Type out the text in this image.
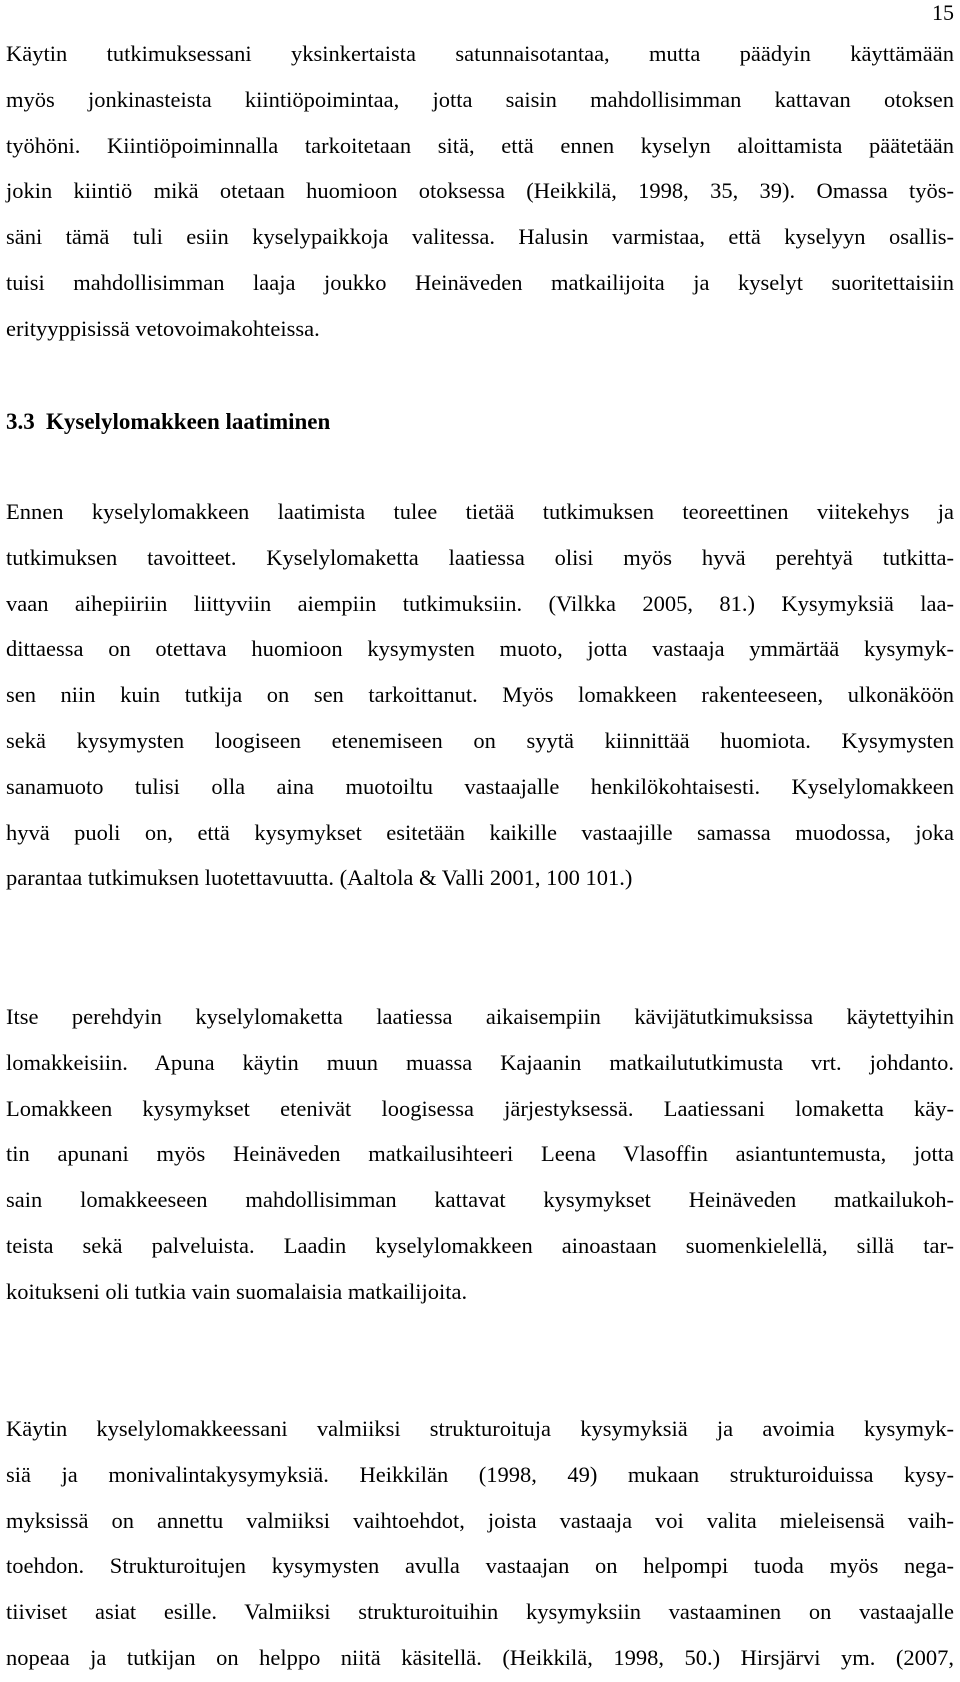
15
Käytin tutkimuksessani yksinkertaista satunnaisotantaa, mutta päädyin käyttämään
myös jonkinasteista kiintiöpoimintaa, jotta saisin mahdollisimman kattavan otoksen
työhöni. Kiintiöpoiminnalla tarkoitetaan sitä, että ennen kyselyn aloittamista päätetään
jokin kiintiö mikä otetaan huomioon otoksessa (Heikkilä, 1998, 35, 39). Omassa työs-
säni tämä tuli esiin kyselypaikkoja valitessa. Halusin varmistaa, että kyselyyn osallis-
tuisi mahdollisimman laaja joukko Heinäveden matkailijoita ja kyselyt suoritettaisiin
erityyppisissä vetovoimakohteissa.
3.3 Kyselylomakkeen laatiminen
Ennen kyselylomakkeen laatimista tulee tietää tutkimuksen teoreettinen viitekehys ja
tutkimuksen tavoitteet. Kyselylomaketta laatiessa olisi myös hyvä perehtyä tutkitta-
vaan aihepiiriin liittyviin aiempiin tutkimuksiin. (Vilkka 2005, 81.) Kysymyksiä laa-
dittaessa on otettava huomioon kysymysten muoto, jotta vastaaja ymmärtää kysymyk-
sen niin kuin tutkija on sen tarkoittanut. Myös lomakkeen rakenteeseen, ulkonäköön
sekä kysymysten loogiseen etenemiseen on syytä kiinnittää huomiota. Kysymysten
sanamuoto tulisi olla aina muotoiltu vastaajalle henkilökohtaisesti. Kyselylomakkeen
hyvä puoli on, että kysymykset esitetään kaikille vastaajille samassa muodossa, joka
parantaa tutkimuksen luotettavuutta. (Aaltola & Valli 2001, 100 101.)
Itse perehdyin kyselylomaketta laatiessa aikaisempiin kävijätutkimuksissa käytettyihin
lomakkeisiin. Apuna käytin muun muassa Kajaanin matkailututkimusta vrt. johdanto.
Lomakkeen kysymykset etenivät loogisessa järjestyksessä. Laatiessani lomaketta käy-
tin apunani myös Heinäveden matkailusihteeri Leena Vlasoffin asiantuntemusta, jotta
sain lomakkeeseen mahdollisimman kattavat kysymykset Heinäveden matkailukoh-
teista sekä palveluista. Laadin kyselylomakkeen ainoastaan suomenkielellä, sillä tar-
koitukseni oli tutkia vain suomalaisia matkailijoita.
Käytin kyselylomakkeessani valmiiksi strukturoituja kysymyksiä ja avoimia kysymyk-
siä ja monivalintakysymyksiä. Heikkilän (1998, 49) mukaan strukturoiduissa kysy-
myksissä on annettu valmiiksi vaihtoehdot, joista vastaaja voi valita mieleisensä vaih-
toehdon. Strukturoitujen kysymysten avulla vastaajan on helpompi tuoda myös nega-
tiiviset asiat esille. Valmiiksi strukturoituihin kysymyksiin vastaaminen on vastaajalle
nopeaa ja tutkijan on helppo niitä käsitellä. (Heikkilä, 1998, 50.) Hirsjärvi ym. (2007,
